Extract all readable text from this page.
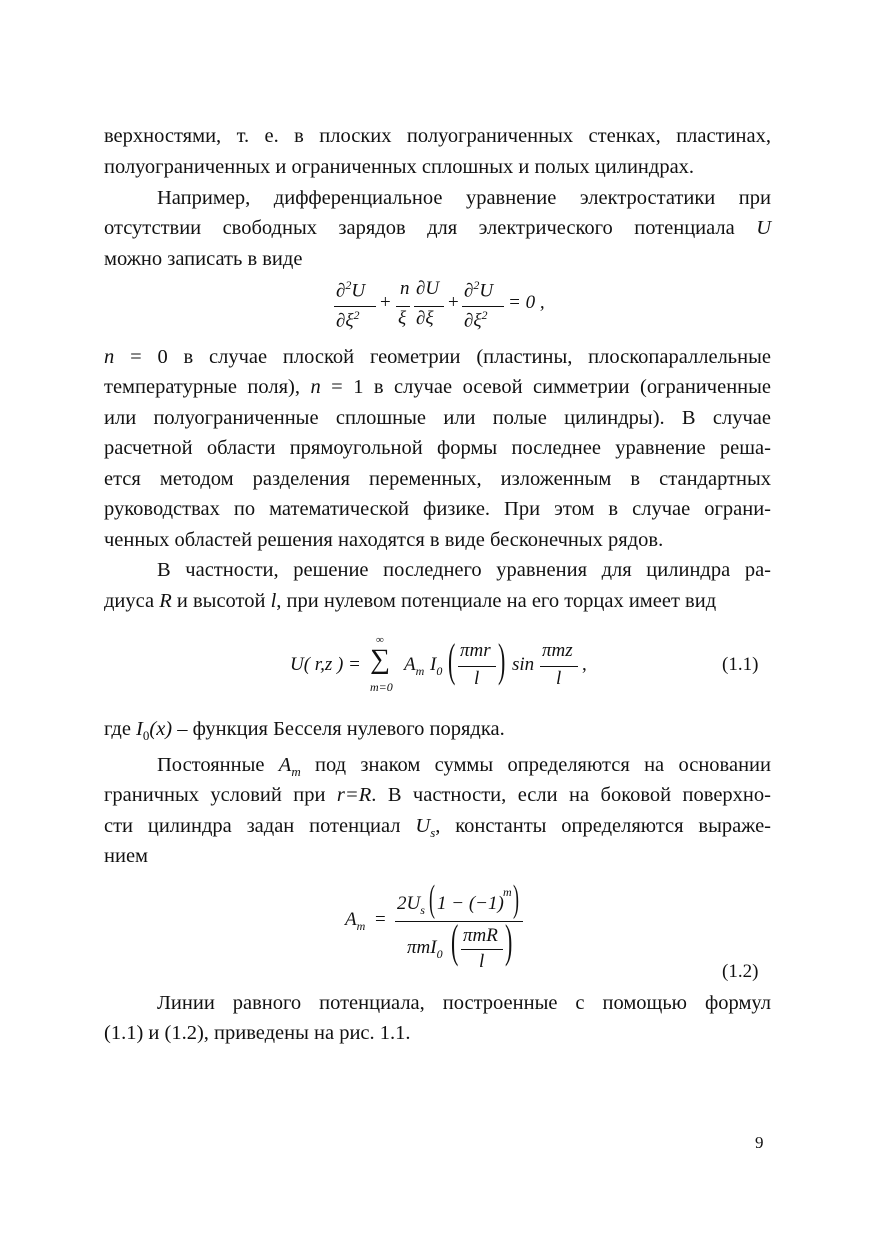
верхностями, т. е. в плоских полуограниченных стенках, пластинах,
полуограниченных и ограниченных сплошных и полых цилиндрах.
Например, дифференциальное уравнение электростатики при
отсутствии свободных зарядов для электрического потенциала U
можно записать в виде
∂$^2$U
$\partial\xi^2$
+
n
ξ
∂U
∂ξ
+
∂$^2$U
$\partial\xi^2$
= 0 ,
n = 0 в случае плоской геометрии (пластины, плоскопараллельные
температурные поля), n = 1 в случае осевой симметрии (ограниченные
или полуограниченные сплошные или полые цилиндры). В случае
расчетной области прямоугольной формы последнее уравнение реша-
ется методом разделения переменных, изложенным в стандартных
руководствах по математической физике. При этом в случае ограни-
ченных областей решения находятся в виде бесконечных рядов.
В частности, решение последнего уравнения для цилиндра ра-
диуса R и высотой l, при нулевом потенциале на его торцах имеет вид
U( r,z ) =
∞
∑
m=0
$A_m$ $I_0$ ( πmr
l ) sin
πmz
l
,	(1.1)
где $I_0(x)$ – функция Бесселя нулевого порядка.
Постоянные $A_m$ под знаком суммы определяются на основании
граничных условий при r=R. В частности, если на боковой поверхно-
сти цилиндра задан потенциал $U_s$, константы определяются выраже-
нием
$A_m$ =
$2U_s$ ( 1 − (−1)
m )
πmI$_0$ ( πmR
l )
(1.2)
Линии равного потенциала, построенные с помощью формул
(1.1) и (1.2), приведены на рис. 1.1.
9
